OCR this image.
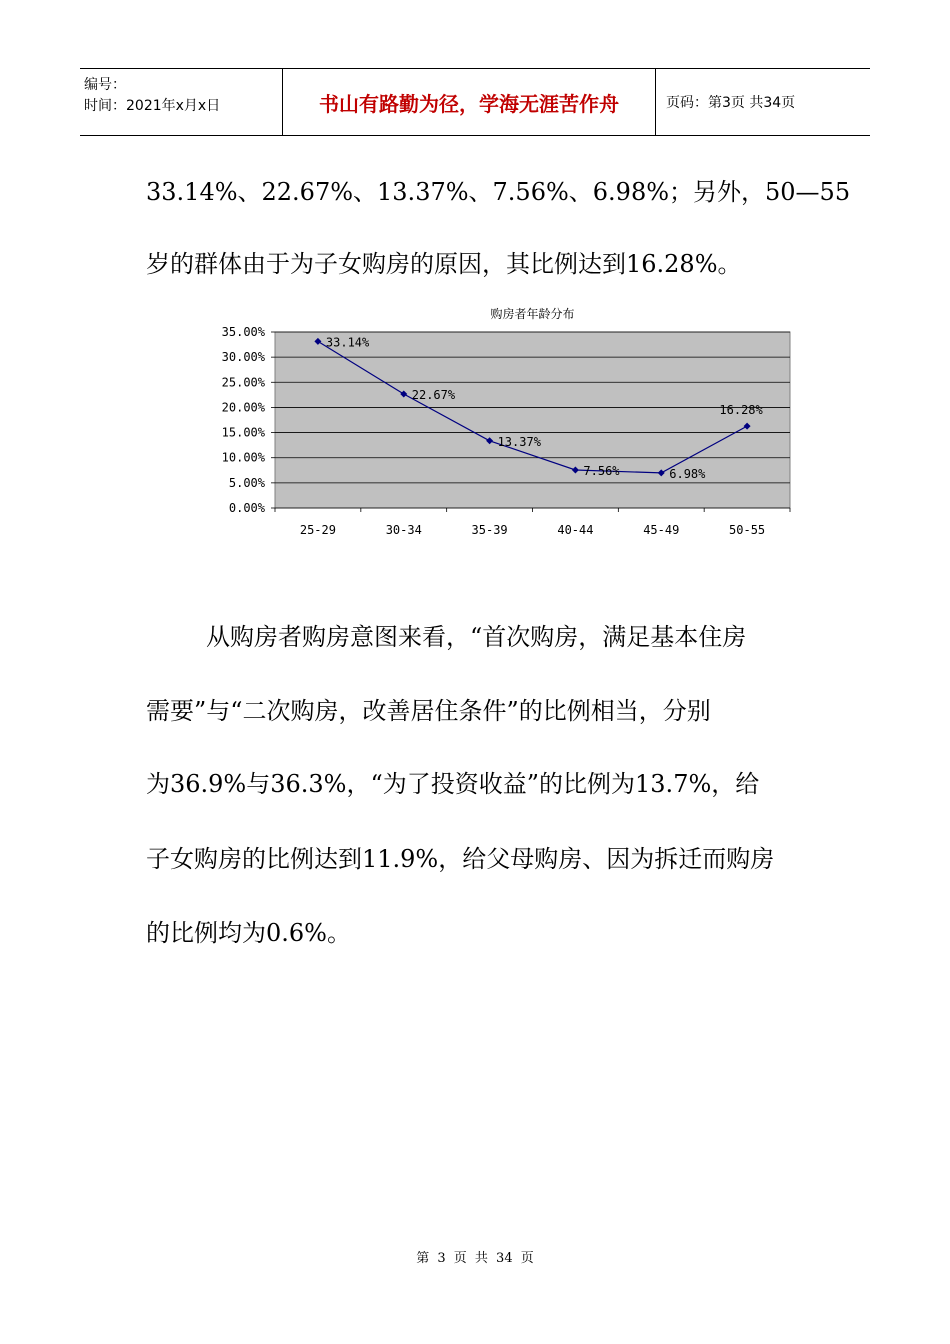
编号：
时间：2021年x月x日	书山有路勤为径，学海无涯苦作舟	页码：第3页 共34页
33.14%、22.67%、13.37%、7.56%、6.98%；另外，50—55
岁的群体由于为子女购房的原因，其比例达到16.28%。
购房者年龄分布
0.00%
5.00%
10.00%
15.00%
20.00%
25.00%
30.00%
35.00%
25-29	30-34	35-39	40-44	45-49	50-55
33.14%
22.67%
13.37%
7.56%	6.98%
16.28%
从购房者购房意图来看，“首次购房，满足基本住房
需要”与“二次购房，改善居住条件”的比例相当，分别
为36.9%与36.3%，“为了投资收益”的比例为13.7%，给
子女购房的比例达到11.9%，给父母购房、因为拆迁而购房
的比例均为0.6%。
第 3 页 共 34 页
